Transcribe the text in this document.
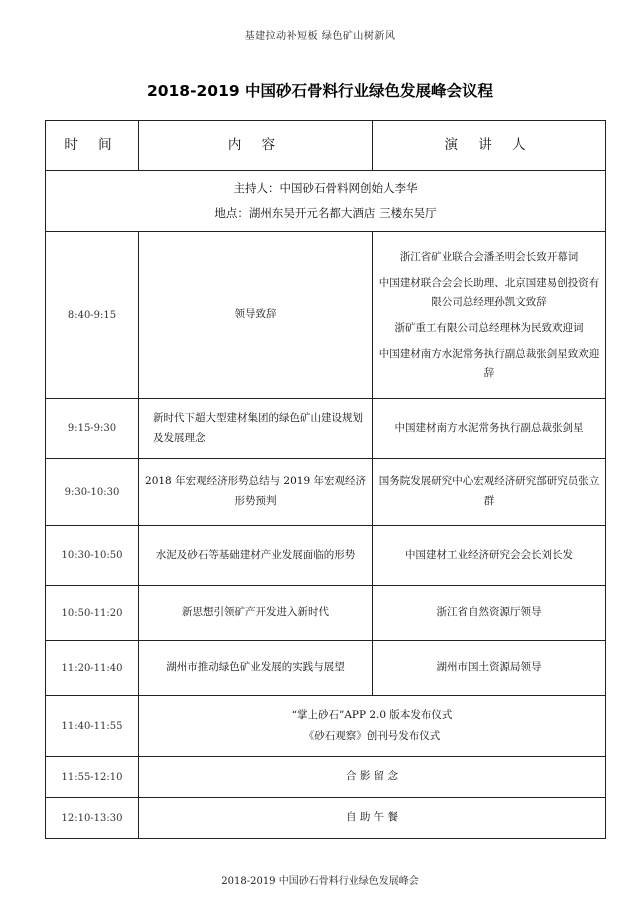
基建拉动补短板 绿色矿山树新风
2018-2019 中国砂石骨料行业绿色发展峰会议程
时 间	内 容	演 讲 人

主持人：中国砂石骨料网创始人李华
地点：湖州东吴开元名都大酒店 三楼东吴厅		

8:40-9:15	领导致辞	浙江省矿业联合会潘圣明会长致开幕词
中国建材联合会会长助理、北京国建易创投资有限公司总经理孙凯文致辞
浙矿重工有限公司总经理林为民致欢迎词
中国建材南方水泥常务执行副总裁张剑星致欢迎辞

9:15-9:30	新时代下超大型建材集团的绿色矿山建设规划及发展理念	中国建材南方水泥常务执行副总裁张剑星
9:30-10:30	2018 年宏观经济形势总结与 2019 年宏观经济形势预判	国务院发展研究中心宏观经济研究部研究员张立群
10:30-10:50	水泥及砂石等基础建材产业发展面临的形势	中国建材工业经济研究会会长刘长发
10:50-11:20	新思想引领矿产开发进入新时代	浙江省自然资源厅领导
11:20-11:40	湖州市推动绿色矿业发展的实践与展望	湖州市国土资源局领导
11:40-11:55	“掌上砂石”APP 2.0 版本发布仪式
《砂石观察》创刊号发布仪式	

11:55-12:10	合 影 留 念	
12:10-13:30	自 助 午 餐	
2018-2019 中国砂石骨料行业绿色发展峰会
